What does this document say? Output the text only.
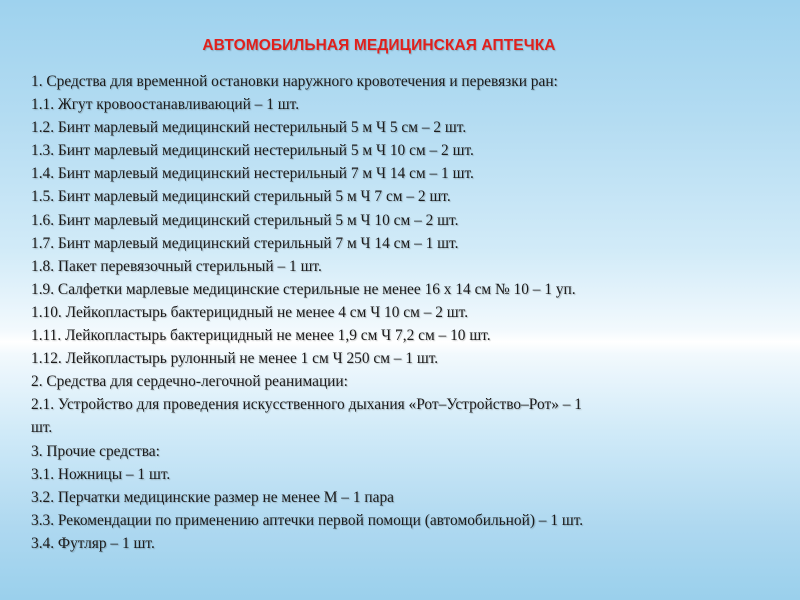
АВТОМОБИЛЬНАЯ МЕДИЦИНСКАЯ АПТЕЧКА
1. Средства для временной остановки наружного кровотечения и перевязки ран:
1.1. Жгут кровоостанавливаюций – 1 шт.
1.2. Бинт марлевый медицинский нестерильный 5 м Ч 5 см – 2 шт.
1.3. Бинт марлевый медицинский нестерильный 5 м Ч 10 см – 2 шт.
1.4. Бинт марлевый медицинский нестерильный 7 м Ч 14 см – 1 шт.
1.5. Бинт марлевый медицинский стерильный 5 м Ч 7 см – 2 шт.
1.6. Бинт марлевый медицинский стерильный 5 м Ч 10 см – 2 шт.
1.7. Бинт марлевый медицинский стерильный 7 м Ч 14 см – 1 шт.
1.8. Пакет перевязочный стерильный – 1 шт.
1.9. Салфетки марлевые медицинские стерильные не менее 16 х 14 см № 10 – 1 уп.
1.10. Лейкопластырь бактерицидный не менее 4 см Ч 10 см – 2 шт.
1.11. Лейкопластырь бактерицидный не менее 1,9 см Ч 7,2 см – 10 шт.
1.12. Лейкопластырь рулонный не менее 1 см Ч 250 см – 1 шт.
2. Средства для сердечно-легочной реанимации:
2.1. Устройство для проведения искусственного дыхания «Рот–Устройство–Рот» – 1
шт.
3. Прочие средства:
3.1. Ножницы – 1 шт.
3.2. Перчатки медицинские размер не менее М – 1 пара
3.3. Рекомендации по применению аптечки первой помощи (автомобильной) – 1 шт.
3.4. Футляр – 1 шт.
